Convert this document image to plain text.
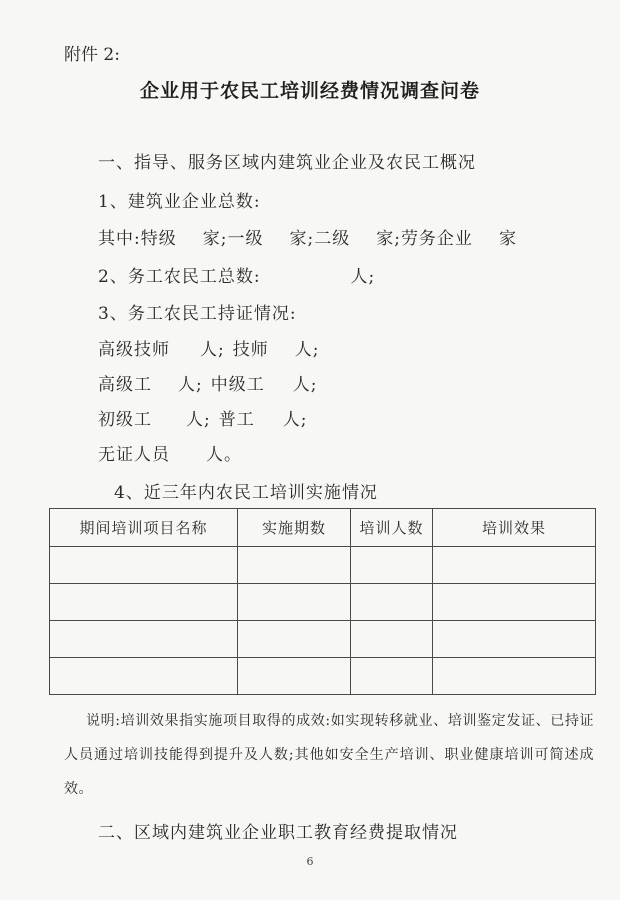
附件 2:
企业用于农民工培训经费情况调查问卷
一、指导、服务区域内建筑业企业及农民工概况
1、建筑业企业总数:
其中:特级 家;一级 家;二级 家;劳务企业 家
2、务工农民工总数:	人;
3、务工农民工持证情况:
高级技师 人; 技师 人;
高级工 人; 中级工 人;
初级工 人; 普工 人;
无证人员 人。
4、近三年内农民工培训实施情况
期间培训项目名称	实施期数	培训人数	培训效果

说明:培训效果指实施项目取得的成效:如实现转移就业、培训鉴定发证、已持证人员通过培训技能得到提升及人数;其他如安全生产培训、职业健康培训可简述成效。
二、区域内建筑业企业职工教育经费提取情况
6
